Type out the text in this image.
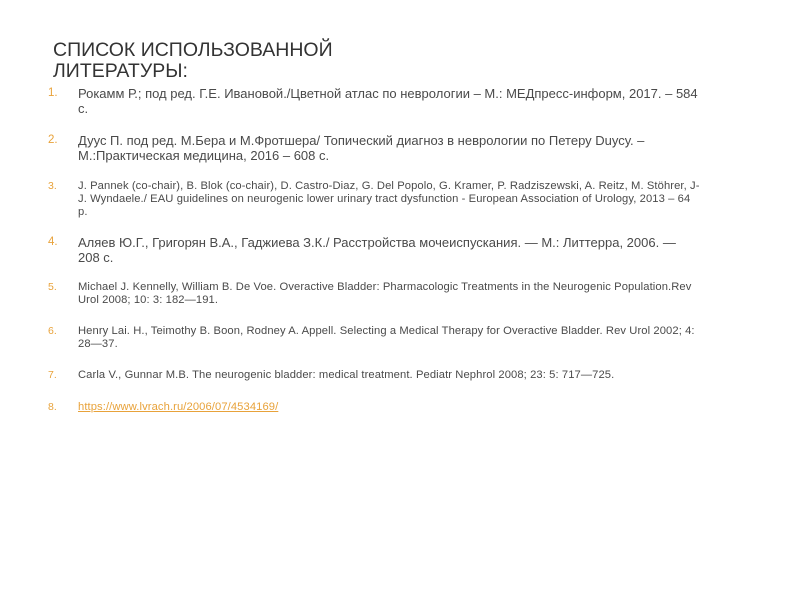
СПИСОК ИСПОЛЬЗОВАННОЙ
ЛИТЕРАТУРЫ:
1.	Рокамм Р.; под ред. Г.Е. Ивановой./Цветной атлас по неврологии – М.: МЕДпресс-информ, 2017. – 584 с.
2.	Дуус П. под ред. М.Бера и М.Фротшера/ Топический диагноз в неврологии по Петеру Duусу. – М.:Практическая медицина, 2016 – 608 с.
3.	J. Pannek (co-chair), B. Blok (co-chair), D. Castro-Diaz, G. Del Popolo, G. Kramer, P. Radziszewski, A. Reitz, M. Stöhrer, J-J. Wyndaele./ EAU guidelines on neurogenic lower urinary tract dysfunction - European Association of Urology, 2013 – 64 p.
4.	Аляев Ю.Г., Григорян В.А., Гаджиева З.К./ Расстройства мочеиспускания. — М.: Литтерра, 2006. — 208 с.
5.	Michael J. Kennelly, William B. De Voe. Overactive Bladder: Pharmacologic Treatments in the Neurogenic Population.Rev Urol 2008; 10: 3: 182—191.
6.	Henry Lai. H., Teimothy B. Boon, Rodney A. Appell. Selecting a Medical Therapy for Overactive Bladder. Rev Urol 2002; 4: 28—37.
7.	Carla V., Gunnar M.B. The neurogenic bladder: medical treatment. Pediatr Nephrol 2008; 23: 5: 717—725.
8.	https://www.lvrach.ru/2006/07/4534169/
